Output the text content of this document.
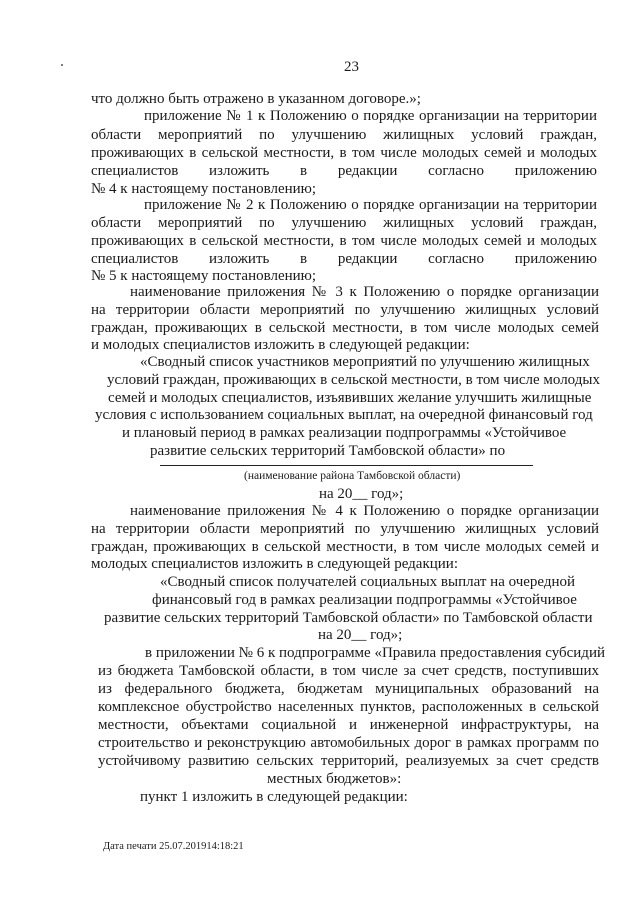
23
что должно быть отражено в указанном договоре.»;
приложение № 1 к Положению о порядке организации на территории
области мероприятий по улучшению жилищных условий граждан,
проживающих в сельской местности, в том числе молодых семей и молодых
специалистов изложить в редакции согласно приложению
№ 4 к настоящему постановлению;
приложение № 2 к Положению о порядке организации на территории
области мероприятий по улучшению жилищных условий граждан,
проживающих в сельской местности, в том числе молодых семей и молодых
специалистов изложить в редакции согласно приложению
№ 5 к настоящему постановлению;
наименование приложения № 3 к Положению о порядке организации
на территории области мероприятий по улучшению жилищных условий
граждан, проживающих в сельской местности, в том числе молодых семей
и молодых специалистов изложить в следующей редакции:
«Сводный список участников мероприятий по улучшению жилищных
условий граждан, проживающих в сельской местности, в том числе молодых
семей и молодых специалистов, изъявивших желание улучшить жилищные
условия с использованием социальных выплат, на очередной финансовый год
и плановый период в рамках реализации подпрограммы «Устойчивое
развитие сельских территорий Тамбовской области» по
(наименование района Тамбовской области)
на 20__ год»;
наименование приложения № 4 к Положению о порядке организации
на территории области мероприятий по улучшению жилищных условий
граждан, проживающих в сельской местности, в том числе молодых семей и
молодых специалистов изложить в следующей редакции:
«Сводный список получателей социальных выплат на очередной
финансовый год в рамках реализации подпрограммы «Устойчивое
развитие сельских территорий Тамбовской области» по Тамбовской области
на 20__ год»;
в приложении № 6 к подпрограмме «Правила предоставления субсидий
из бюджета Тамбовской области, в том числе за счет средств, поступивших
из федерального бюджета, бюджетам муниципальных образований на
комплексное обустройство населенных пунктов, расположенных в сельской
местности, объектами социальной и инженерной инфраструктуры, на
строительство и реконструкцию автомобильных дорог в рамках программ по
устойчивому развитию сельских территорий, реализуемых за счет средств
местных бюджетов»:
пункт 1 изложить в следующей редакции:
Дата печати 25.07.201914:18:21
